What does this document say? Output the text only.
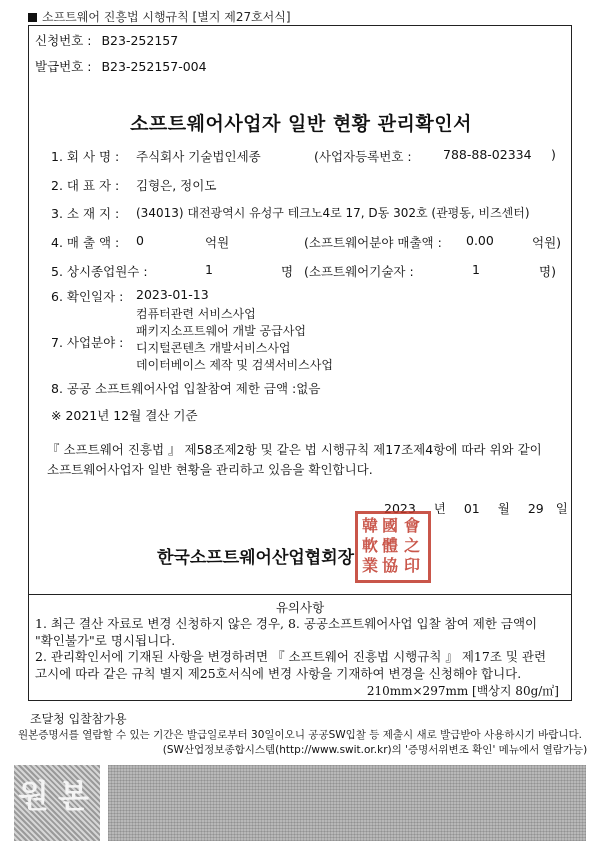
소프트웨어 진흥법 시행규칙 [별지 제27호서식]
신청번호 : B23-252157
발급번호 : B23-252157-004
소프트웨어사업자 일반 현황 관리확인서
1. 회 사 명 : 주식회사 기술법인세종	(사업자등록번호 :	788-88-02334 )
2. 대 표 자 : 김형은, 정이도
3. 소 재 지 : (34013) 대전광역시 유성구 테크노4로 17, D동 302호 (관평동, 비즈센터)
4. 매 출 액 : 0	억원	(소프트웨어분야 매출액 : 0.00	억원)
5. 상시종업원수 :	1	명 (소프트웨어기술자 :	1	명)
6. 확인일자 : 2023-01-13
컴퓨터관련 서비스사업
패키지소프트웨어 개발 공급사업
7. 사업분야 : 디지털콘텐츠 개발서비스사업
데이터베이스 제작 및 검색서비스사업
8. 공공 소프트웨어사업 입찰참여 제한 금액 :없음
※ 2021년 12월 결산 기준
『 소프트웨어 진흥법 』 제58조제2항 및 같은 법 시행규칙 제17조제4항에 따라 위와 같이 소프트웨어사업자 일반 현황을 관리하고 있음을 확인합니다.
2023 년 01 월 29 일
한국소프트웨어산업협회장
韓 國 會
軟 體 之
業 協 印
유의사항
1. 최근 결산 자료로 변경 신청하지 않은 경우, 8. 공공소프트웨어사업 입찰 참여 제한 금액이
"확인불가"로 명시됩니다.
2. 관리확인서에 기재된 사항을 변경하려면 『 소프트웨어 진흥법 시행규칙 』 제17조 및 관련
고시에 따라 같은 규칙 별지 제25호서식에 변경 사항을 기재하여 변경을 신청해야 합니다.
210mm×297mm [백상지 80g/㎡]
조달청 입찰참가용
원본증명서를 열람할 수 있는 기간은 발급일로부터 30일이오니 공공SW입찰 등 제출시 새로 발급받아 사용하시기 바랍니다.
(SW산업정보종합시스템(http://www.swit.or.kr)의 '증명서위변조 확인' 메뉴에서 열람가능)
원 본
